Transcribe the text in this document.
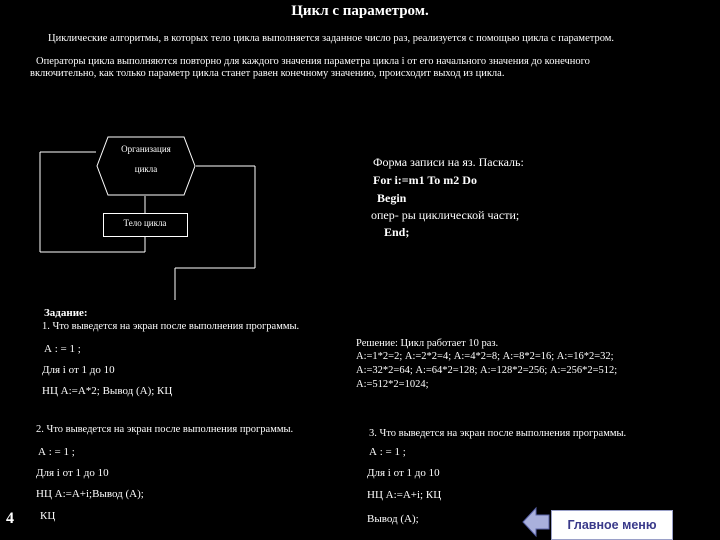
Цикл с параметром.
Циклические алгоритмы, в которых тело цикла выполняется заданное число раз, реализуется с помощью цикла с параметром.
Операторы цикла выполняются повторно для каждого значения параметра цикла i от его начального значения до конечного
включительно, как только параметр цикла станет равен конечному значению, происходит выход из цикла.
Организация
цикла
Тело цикла
Форма записи на яз. Паскаль:
For i:=m1 To m2 Do
Begin
опер- ры циклической части;
End;
Задание:
1. Что выведется на экран после выполнения программы.
А : = 1 ;
Для i от 1 до 10
НЦ А:=А*2; Вывод (А); КЦ
Решение: Цикл работает 10 раз.
А:=1*2=2; А:=2*2=4; А:=4*2=8; А:=8*2=16; А:=16*2=32;
А:=32*2=64; А:=64*2=128; А:=128*2=256; А:=256*2=512;
А:=512*2=1024;
2. Что выведется на экран после выполнения программы.
А : = 1 ;
Для i от 1 до 10
НЦ А:=А+i;Вывод (А);
КЦ
3. Что выведется на экран после выполнения программы.
А : = 1 ;
Для i от 1 до 10
НЦ А:=А+i; КЦ
Вывод (А);
4	Главное меню
